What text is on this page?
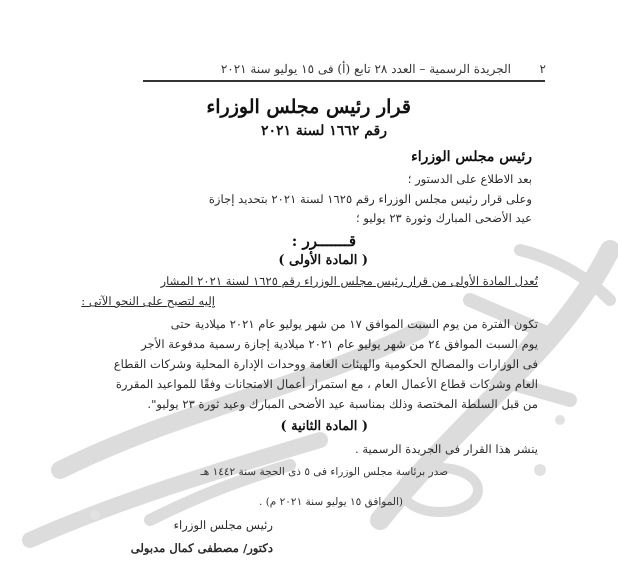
٢
الجريدة الرسمية – العدد ٢٨ تابع (أ) فى ١٥ يوليو سنة ٢٠٢١
قرار رئيس مجلس الوزراء
رقم ١٦٦٢ لسنة ٢٠٢١
رئيس مجلس الوزراء
بعد الاطلاع على الدستور ؛
وعلى قرار رئيس مجلس الوزراء رقم ١٦٢٥ لسنة ٢٠٢١ بتحديد إجازة
عيد الأضحى المبارك وثورة ٢٣ يوليو ؛
قـــــــرر :
( المادة الأولى )
تُعدل المادة الأولى من قرار رئيس مجلس الوزراء رقم ١٦٢٥ لسنة ٢٠٢١ المشار
إليه لتصبح على النحو الآتى :
تكون الفترة من يوم السبت الموافق ١٧ من شهر يوليو عام ٢٠٢١ ميلادية حتى
يوم السبت الموافق ٢٤ من شهر يوليو عام ٢٠٢١ ميلادية إجازة رسمية مدفوعة الأجر
فى الوزارات والمصالح الحكومية والهيئات العامة ووحدات الإدارة المحلية وشركات القطاع
العام وشركات قطاع الأعمال العام ، مع استمرار أعمال الامتحانات وفقًا للمواعيد المقررة
من قبل السلطة المختصة وذلك بمناسبة عيد الأضحى المبارك وعيد ثورة ٢٣ يوليو".
( المادة الثانية )
ينشر هذا القرار فى الجريدة الرسمية .
صدر برئاسة مجلس الوزراء فى ٥ ذى الحجة سنة ١٤٤٢ هـ
(الموافق ١٥ يوليو سنة ٢٠٢١ م) .
رئيس مجلس الوزراء
دكتور/ مصطفى كمال مدبولى
